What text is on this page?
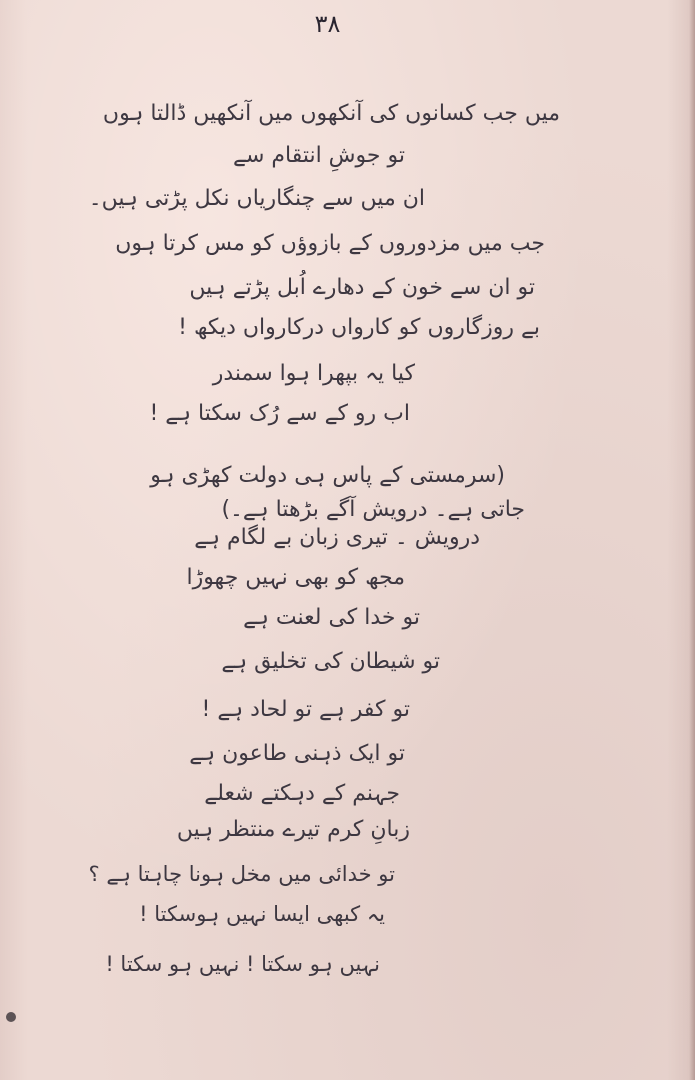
۳۸
میں جب کسانوں کی آنکھوں میں آنکھیں ڈالتا ہوں
تو جوشِ انتقام سے
ان میں سے چنگاریاں نکل پڑتی ہیں۔
جب میں مزدوروں کے بازوؤں کو مس کرتا ہوں
تو ان سے خون کے دھارے اُبل پڑتے ہیں
بے روزگاروں کو کارواں درکارواں دیکھ !
کیا یہ بپھرا ہوا سمندر
اب رو کے سے رُک سکتا ہے !
(سرمستی کے پاس ہی دولت کھڑی ہو
جاتی ہے۔ درویش آگے بڑھتا ہے۔)
درویش ۔ تیری زبان بے لگام ہے
مجھ کو بھی نہیں چھوڑا
تو خدا کی لعنت ہے
تو شیطان کی تخلیق ہے
تو کفر ہے تو لحاد ہے !
تو ایک ذہنی طاعون ہے
جہنم کے دہکتے شعلے
زبانِ کرم تیرے منتظر ہیں
تو خدائی میں مخل ہونا چاہتا ہے ؟
یہ کبھی ایسا نہیں ہوسکتا !
نہیں ہو سکتا ! نہیں ہو سکتا !
